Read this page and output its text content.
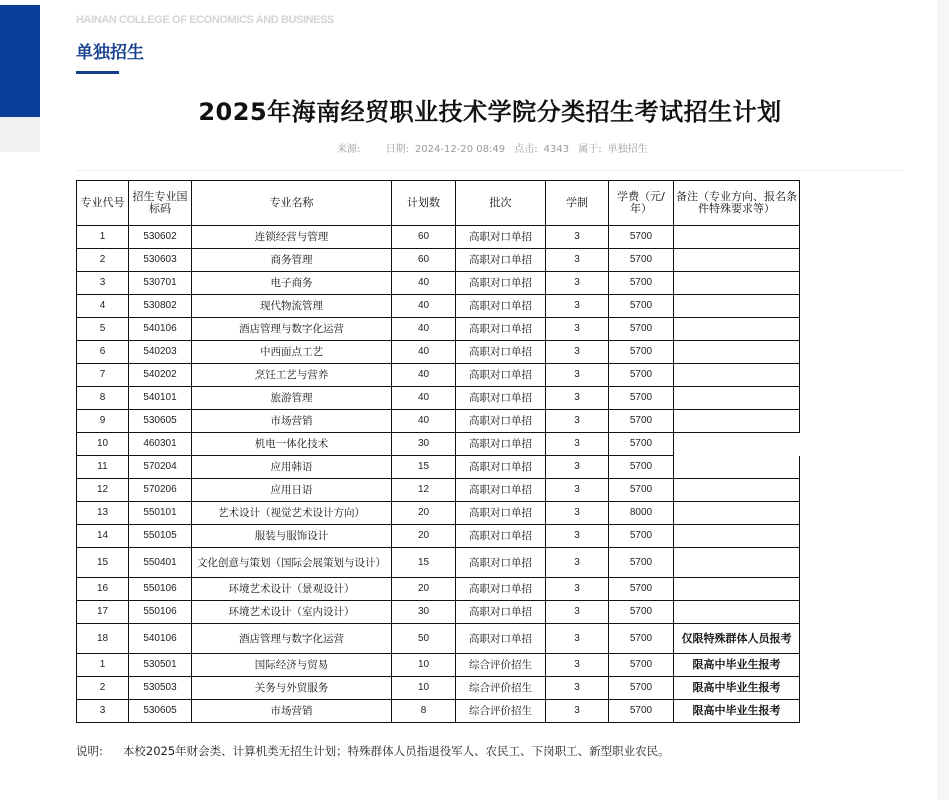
HAINAN COLLEGE OF ECONOMICS AND BUSINESS
单独招生
2025年海南经贸职业技术学院分类招生考试招生计划
来源:	日期: 2024-12-20 08:49 点击: 4343 属于: 单独招生
专业代号	招生专业国标码	专业名称	计划数	批次	学制	学费（元/年）	备注（专业方向、报名条件特殊要求等）
1	530602	连锁经营与管理	60	高职对口单招	3	5700	
2	530603	商务管理	60	高职对口单招	3	5700	
3	530701	电子商务	40	高职对口单招	3	5700	
4	530802	现代物流管理	40	高职对口单招	3	5700	
5	540106	酒店管理与数字化运营	40	高职对口单招	3	5700	
6	540203	中西面点工艺	40	高职对口单招	3	5700	
7	540202	烹饪工艺与营养	40	高职对口单招	3	5700	
8	540101	旅游管理	40	高职对口单招	3	5700	
9	530605	市场营销	40	高职对口单招	3	5700	
10	460301	机电一体化技术	30	高职对口单招	3	5700	
11	570204	应用韩语	15	高职对口单招	3	5700	
12	570206	应用日语	12	高职对口单招	3	5700	
13	550101	艺术设计（视觉艺术设计方向）	20	高职对口单招	3	8000	
14	550105	服装与服饰设计	20	高职对口单招	3	5700	
15	550401	文化创意与策划（国际会展策划与设计）	15	高职对口单招	3	5700	
16	550106	环境艺术设计（景观设计）	20	高职对口单招	3	5700	
17	550106	环境艺术设计（室内设计）	30	高职对口单招	3	5700	
18	540106	酒店管理与数字化运营	50	高职对口单招	3	5700	仅限特殊群体人员报考
1	530501	国际经济与贸易	10	综合评价招生	3	5700	限高中毕业生报考
2	530503	关务与外贸服务	10	综合评价招生	3	5700	限高中毕业生报考
3	530605	市场营销	8	综合评价招生	3	5700	限高中毕业生报考
说明: 本校2025年财会类、计算机类无招生计划；特殊群体人员指退役军人、农民工、下岗职工、新型职业农民。
